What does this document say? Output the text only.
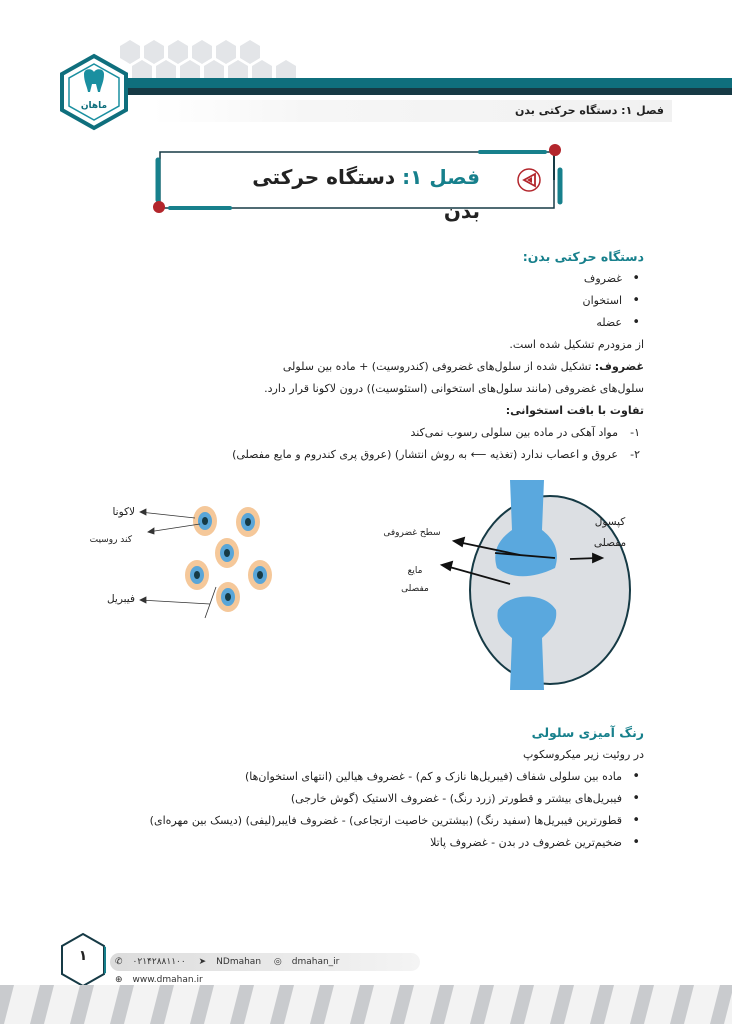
ماهان	فصل ۱: دستگاه حرکتی بدن
فصل ۱: دستگاه حرکتی بدن
دستگاه حرکتی بدن:
• غضروف
• استخوان
• عضله
از مزودرم تشکیل شده است.
غضروف: تشکیل شده از سلول‌های غضروفی (کندروسیت) + ماده بین سلولی
سلول‌های غضروفی (مانند سلول‌های استخوانی (استئوسیت)) درون لاکونا قرار دارد.
تفاوت با بافت استخوانی:
۱-
مواد آهکی در ماده بین سلولی رسوب نمی‌کند
۲-
عروق و اعصاب ندارد (تغذیه ⟵ به روش انتشار) (عروق پری کندروم و مایع مفصلی)
لاکونا
کند روسیت
فیبریل
سطح غضروفی
مایع
مفصلی
کپسول
مفصلی
رنگ آمیزی سلولی
در روئیت زیر میکروسکوپ
• ماده بین سلولی شفاف (فیبریل‌ها نازک و کم) - غضروف هیالین (انتهای استخوان‌ها)
• فیبریل‌های بیشتر و قطورتر (زرد رنگ) - غضروف الاستیک (گوش خارجی)
• قطورترین فیبریل‌ها (سفید رنگ) (بیشترین خاصیت ارتجاعی) - غضروف فایبر(لیفی) (دیسک بین مهره‌ای)
• ضخیم‌ترین غضروف در بدن - غضروف پاتلا
۱	✆ ۰۲۱۴۲۸۸۱۱۰۰ ➤ NDmahan ◎ dmahan_ir ⊕ www.dmahan.ir
